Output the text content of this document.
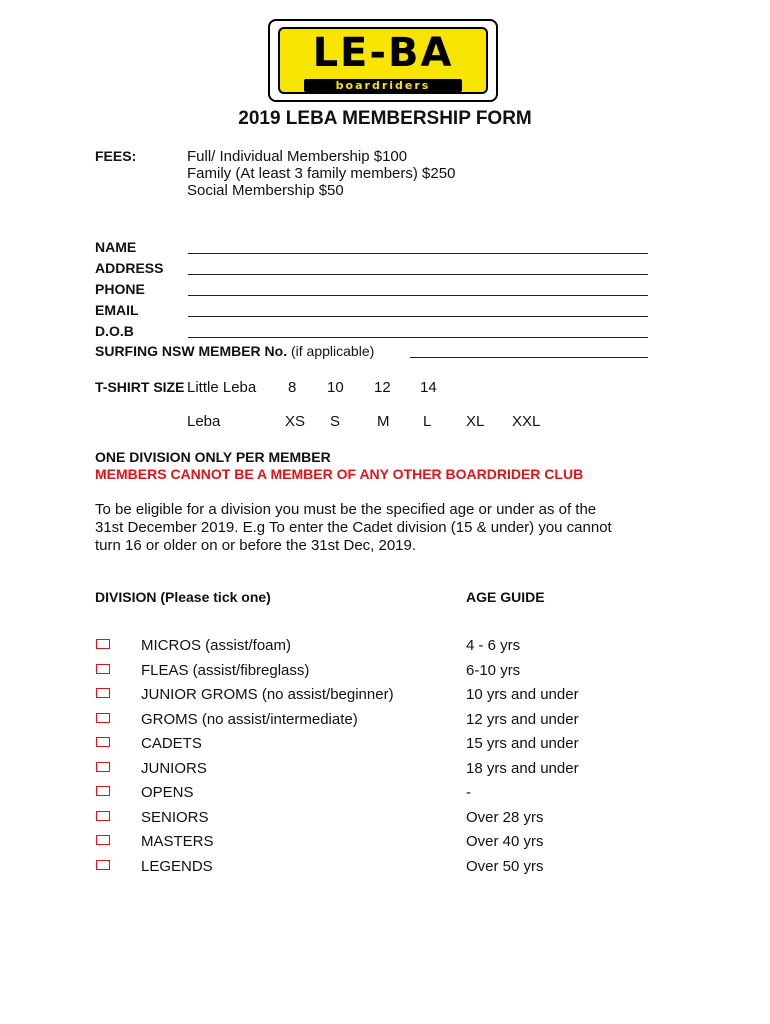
LE-BA
boardriders
2019 LEBA MEMBERSHIP FORM
FEES:	Full/ Individual Membership $100
Family (At least 3 family members) $250
Social Membership $50
NAME
ADDRESS
PHONE
EMAIL
D.O.B
SURFING NSW MEMBER No. (if applicable)
T-SHIRT SIZE Little Leba 8 10 12 14
Leba	XS S M L XL XXL
ONE DIVISION ONLY PER MEMBER
MEMBERS CANNOT BE A MEMBER OF ANY OTHER BOARDRIDER CLUB
To be eligible for a division you must be the specified age or under as of the
31st December 2019. E.g To enter the Cadet division (15 & under) you cannot
turn 16 or older on or before the 31st Dec, 2019.
DIVISION (Please tick one)	AGE GUIDE
MICROS (assist/foam)	4 - 6 yrs
FLEAS (assist/fibreglass)	6-10 yrs
JUNIOR GROMS (no assist/beginner)	10 yrs and under
GROMS (no assist/intermediate)	12 yrs and under
CADETS	15 yrs and under
JUNIORS	18 yrs and under
OPENS	-
SENIORS	Over 28 yrs
MASTERS	Over 40 yrs
LEGENDS	Over 50 yrs
